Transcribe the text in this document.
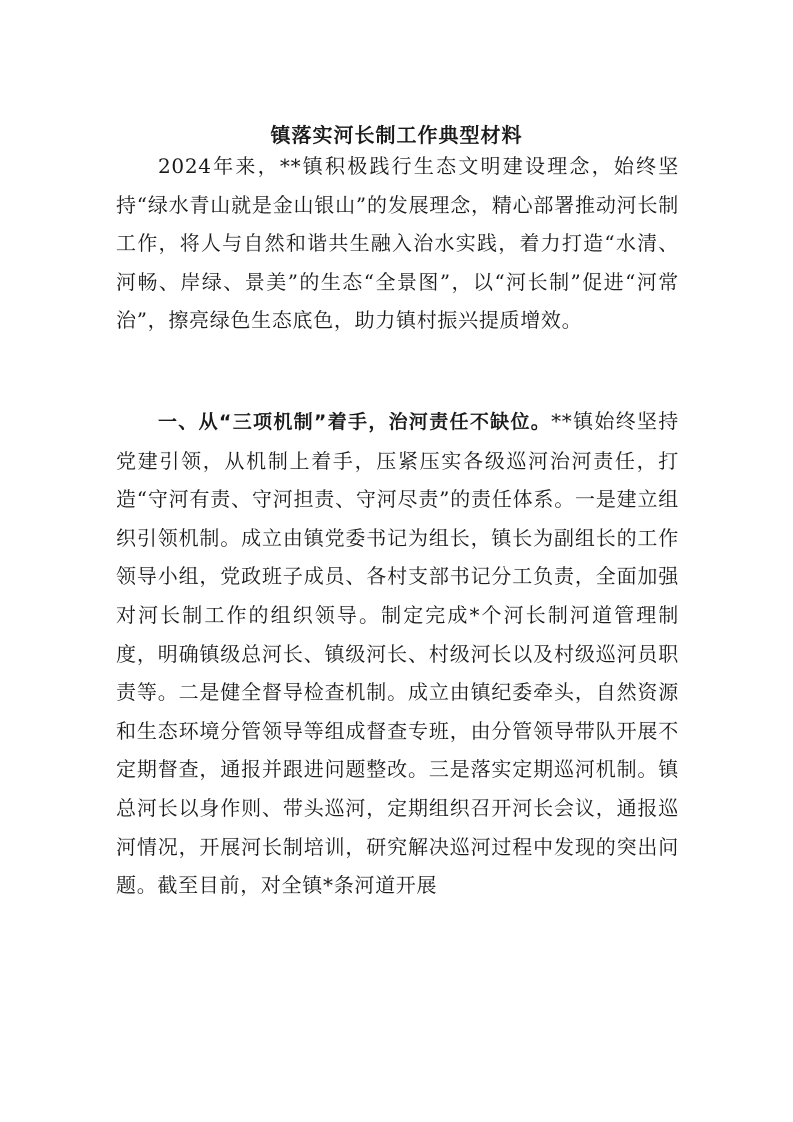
镇落实河长制工作典型材料

2024年来，**镇积极践行生态文明建设理念，始终坚持“绿水青山就是金山银山”的发展理念，精心部署推动河长制工作，将人与自然和谐共生融入治水实践，着力打造“水清、河畅、岸绿、景美”的生态“全景图”，以“河长制”促进“河常治”，擦亮绿色生态底色，助力镇村振兴提质增效。

一、从“三项机制”着手，治河责任不缺位。**镇始终坚持党建引领，从机制上着手，压紧压实各级巡河治河责任，打造“守河有责、守河担责、守河尽责”的责任体系。一是建立组织引领机制。成立由镇党委书记为组长，镇长为副组长的工作领导小组，党政班子成员、各村支部书记分工负责，全面加强对河长制工作的组织领导。制定完成*个河长制河道管理制度，明确镇级总河长、镇级河长、村级河长以及村级巡河员职责等。二是健全督导检查机制。成立由镇纪委牵头，自然资源和生态环境分管领导等组成督查专班，由分管领导带队开展不定期督查，通报并跟进问题整改。三是落实定期巡河机制。镇总河长以身作则、带头巡河，定期组织召开河长会议，通报巡河情况，开展河长制培训，研究解决巡河过程中发现的突出问题。截至目前，对全镇*条河道开展
